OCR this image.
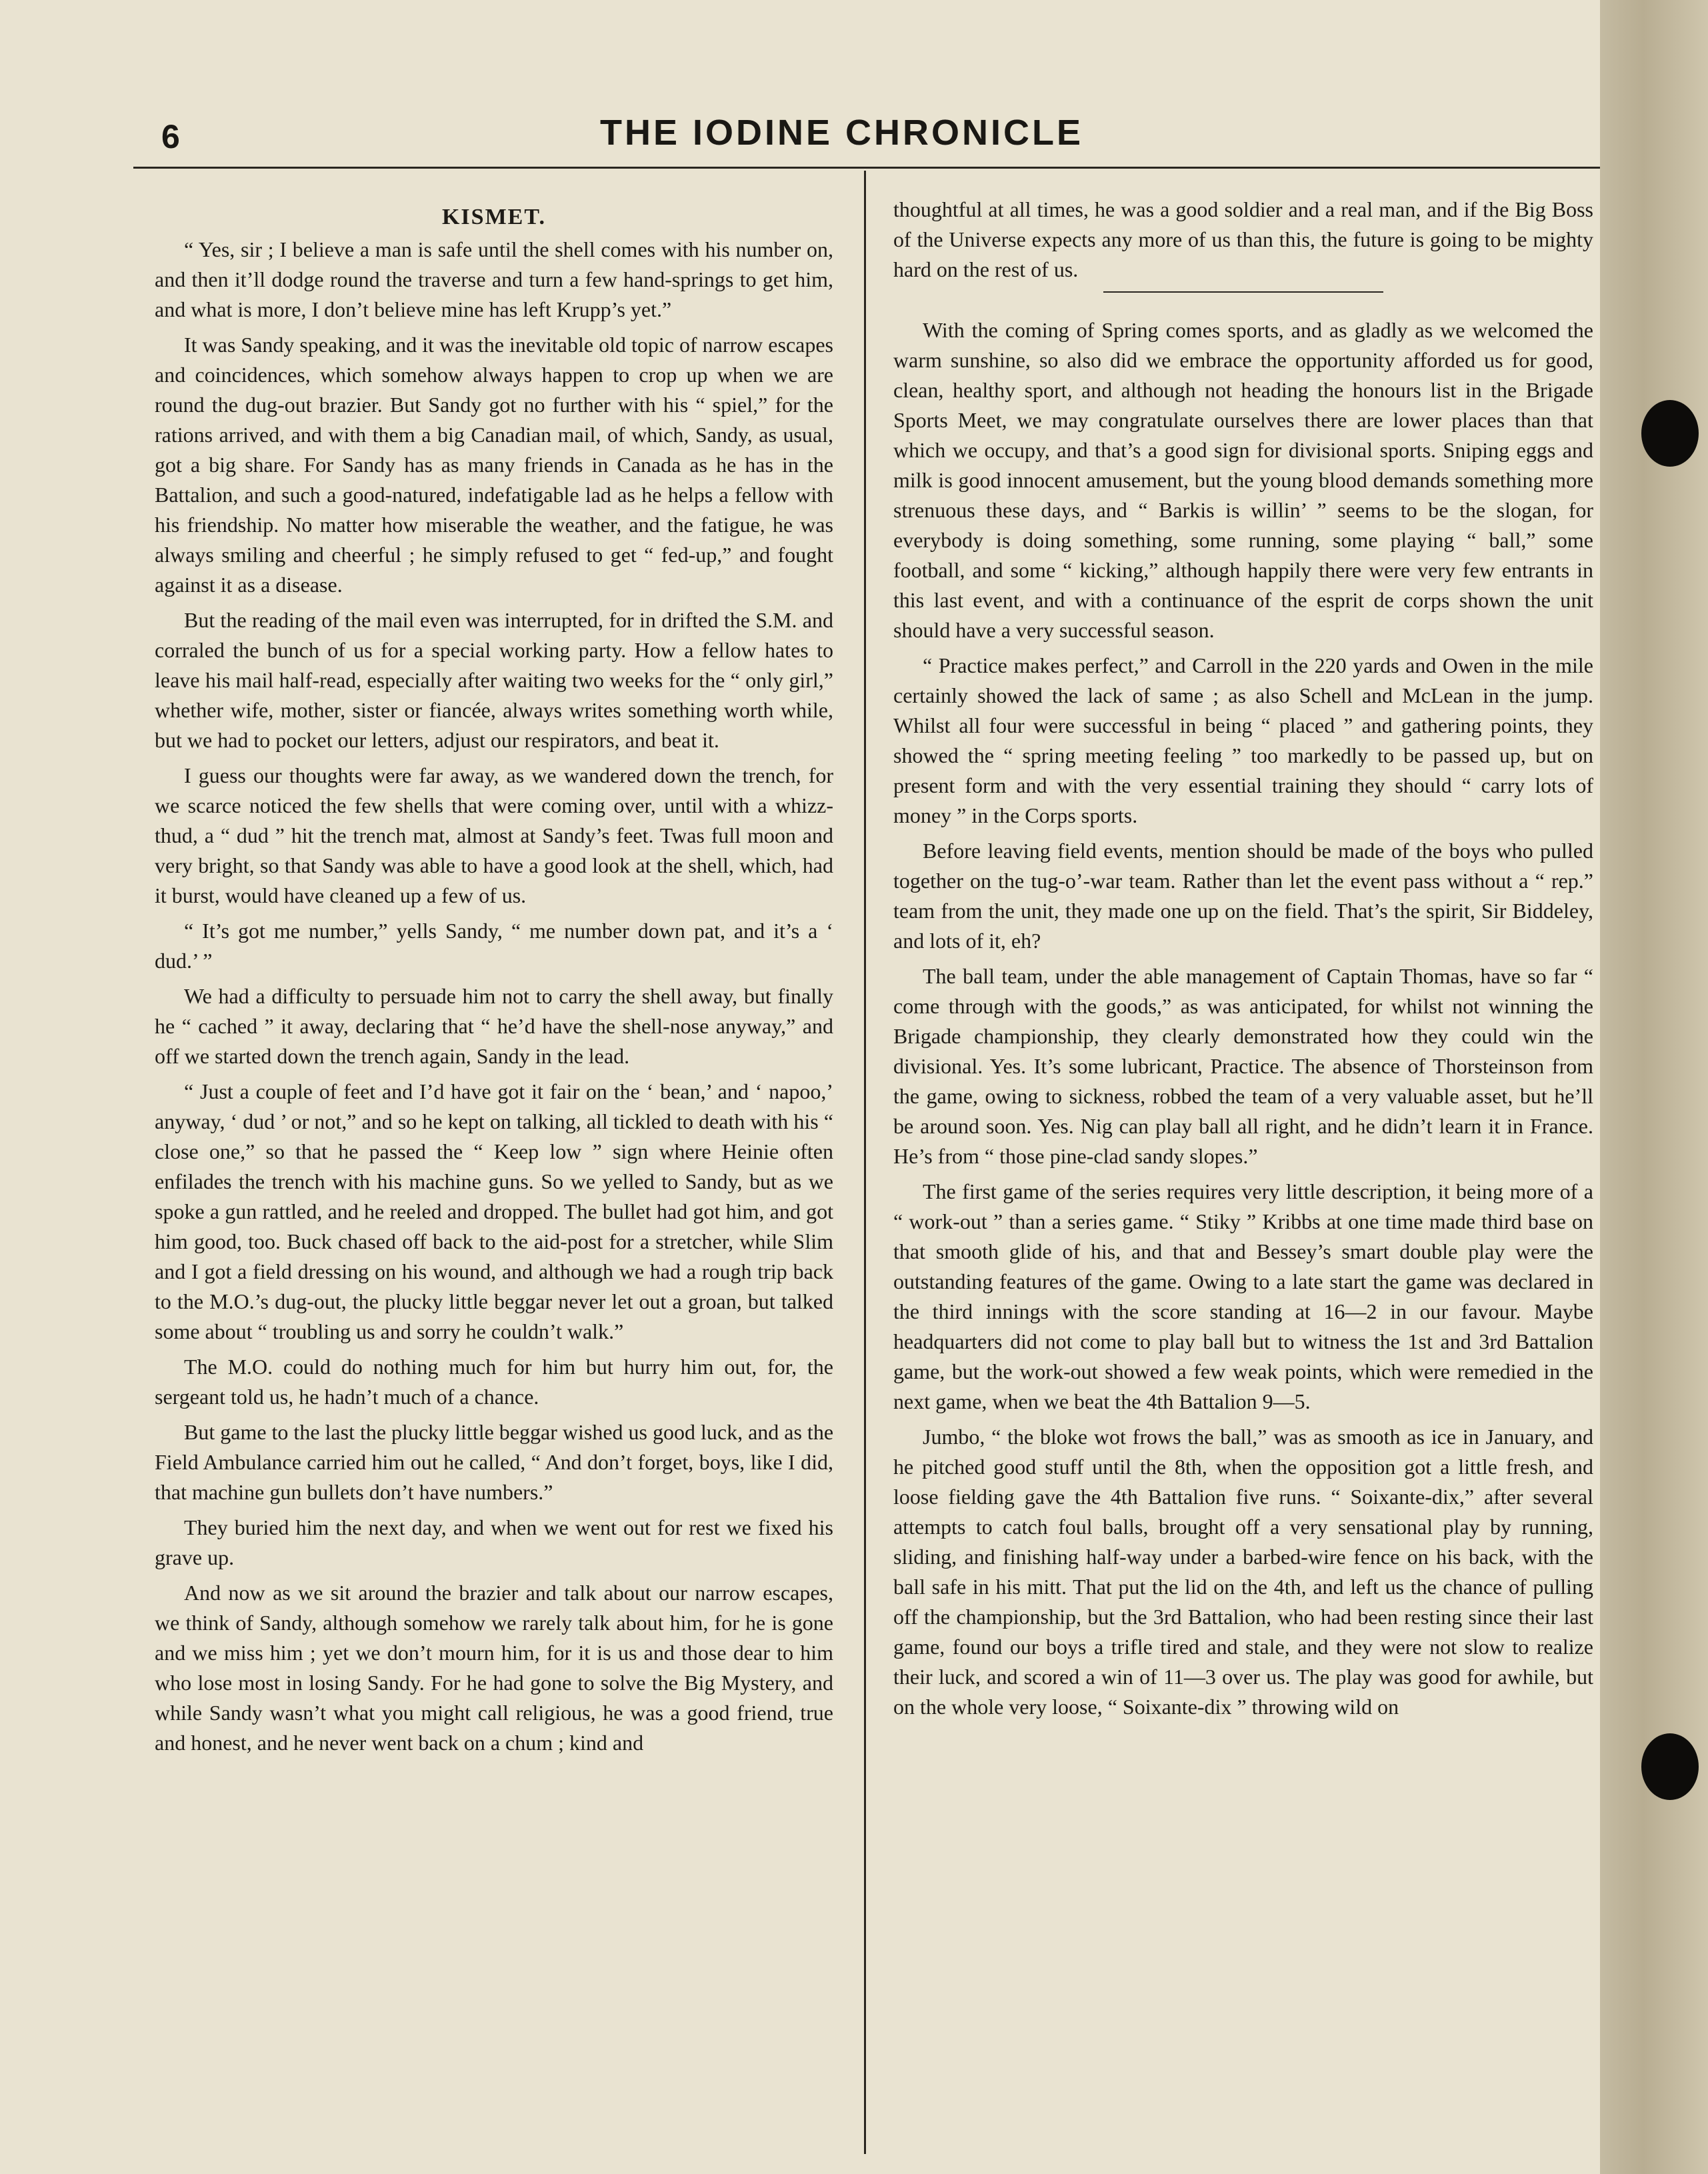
6	THE IODINE CHRONICLE
KISMET.

“ Yes, sir ; I believe a man is safe until the shell comes with his number on, and then it’ll dodge round the traverse and turn a few hand-springs to get him, and what is more, I don’t believe mine has left Krupp’s yet.”

It was Sandy speaking, and it was the inevitable old topic of narrow escapes and coincidences, which somehow always happen to crop up when we are round the dug-out brazier. But Sandy got no further with his “ spiel,” for the rations arrived, and with them a big Canadian mail, of which, Sandy, as usual, got a big share. For Sandy has as many friends in Canada as he has in the Battalion, and such a good-natured, indefatigable lad as he helps a fellow with his friendship. No matter how miserable the weather, and the fatigue, he was always smiling and cheerful ; he simply refused to get “ fed-up,” and fought against it as a disease.

But the reading of the mail even was interrupted, for in drifted the S.M. and corraled the bunch of us for a special working party. How a fellow hates to leave his mail half-read, especially after waiting two weeks for the “ only girl,” whether wife, mother, sister or fiancée, always writes something worth while, but we had to pocket our letters, adjust our respirators, and beat it.

I guess our thoughts were far away, as we wandered down the trench, for we scarce noticed the few shells that were coming over, until with a whizz-thud, a “ dud ” hit the trench mat, almost at Sandy’s feet. Twas full moon and very bright, so that Sandy was able to have a good look at the shell, which, had it burst, would have cleaned up a few of us.

“ It’s got me number,” yells Sandy, “ me number down pat, and it’s a ‘ dud.’ ”

We had a difficulty to persuade him not to carry the shell away, but finally he “ cached ” it away, declaring that “ he’d have the shell-nose anyway,” and off we started down the trench again, Sandy in the lead.

“ Just a couple of feet and I’d have got it fair on the ‘ bean,’ and ‘ napoo,’ anyway, ‘ dud ’ or not,” and so he kept on talking, all tickled to death with his “ close one,” so that he passed the “ Keep low ” sign where Heinie often enfilades the trench with his machine guns. So we yelled to Sandy, but as we spoke a gun rattled, and he reeled and dropped. The bullet had got him, and got him good, too. Buck chased off back to the aid-post for a stretcher, while Slim and I got a field dressing on his wound, and although we had a rough trip back to the M.O.’s dug-out, the plucky little beggar never let out a groan, but talked some about “ troubling us and sorry he couldn’t walk.”

The M.O. could do nothing much for him but hurry him out, for, the sergeant told us, he hadn’t much of a chance.

But game to the last the plucky little beggar wished us good luck, and as the Field Ambulance carried him out he called, “ And don’t forget, boys, like I did, that machine gun bullets don’t have numbers.”

They buried him the next day, and when we went out for rest we fixed his grave up.

And now as we sit around the brazier and talk about our narrow escapes, we think of Sandy, although somehow we rarely talk about him, for he is gone and we miss him ; yet we don’t mourn him, for it is us and those dear to him who lose most in losing Sandy. For he had gone to solve the Big Mystery, and while Sandy wasn’t what you might call religious, he was a good friend, true and honest, and he never went back on a chum ; kind and

thoughtful at all times, he was a good soldier and a real man, and if the Big Boss of the Universe expects any more of us than this, the future is going to be mighty hard on the rest of us.

With the coming of Spring comes sports, and as gladly as we welcomed the warm sunshine, so also did we embrace the opportunity afforded us for good, clean, healthy sport, and although not heading the honours list in the Brigade Sports Meet, we may congratulate ourselves there are lower places than that which we occupy, and that’s a good sign for divisional sports. Sniping eggs and milk is good innocent amusement, but the young blood demands something more strenuous these days, and “ Barkis is willin’ ” seems to be the slogan, for everybody is doing something, some running, some playing “ ball,” some football, and some “ kicking,” although happily there were very few entrants in this last event, and with a continuance of the esprit de corps shown the unit should have a very successful season.

“ Practice makes perfect,” and Carroll in the 220 yards and Owen in the mile certainly showed the lack of same ; as also Schell and McLean in the jump. Whilst all four were successful in being “ placed ” and gathering points, they showed the “ spring meeting feeling ” too markedly to be passed up, but on present form and with the very essential training they should “ carry lots of money ” in the Corps sports.

Before leaving field events, mention should be made of the boys who pulled together on the tug-o’-war team. Rather than let the event pass without a “ rep.” team from the unit, they made one up on the field. That’s the spirit, Sir Biddeley, and lots of it, eh?

The ball team, under the able management of Captain Thomas, have so far “ come through with the goods,” as was anticipated, for whilst not winning the Brigade championship, they clearly demonstrated how they could win the divisional. Yes. It’s some lubricant, Practice. The absence of Thorsteinson from the game, owing to sickness, robbed the team of a very valuable asset, but he’ll be around soon. Yes. Nig can play ball all right, and he didn’t learn it in France. He’s from “ those pine-clad sandy slopes.”

The first game of the series requires very little description, it being more of a “ work-out ” than a series game. “ Stiky ” Kribbs at one time made third base on that smooth glide of his, and that and Bessey’s smart double play were the outstanding features of the game. Owing to a late start the game was declared in the third innings with the score standing at 16—2 in our favour. Maybe headquarters did not come to play ball but to witness the 1st and 3rd Battalion game, but the work-out showed a few weak points, which were remedied in the next game, when we beat the 4th Battalion 9—5.

Jumbo, “ the bloke wot frows the ball,” was as smooth as ice in January, and he pitched good stuff until the 8th, when the opposition got a little fresh, and loose fielding gave the 4th Battalion five runs. “ Soixante-dix,” after several attempts to catch foul balls, brought off a very sensational play by running, sliding, and finishing half-way under a barbed-wire fence on his back, with the ball safe in his mitt. That put the lid on the 4th, and left us the chance of pulling off the championship, but the 3rd Battalion, who had been resting since their last game, found our boys a trifle tired and stale, and they were not slow to realize their luck, and scored a win of 11—3 over us. The play was good for awhile, but on the whole very loose, “ Soixante-dix ” throwing wild on
